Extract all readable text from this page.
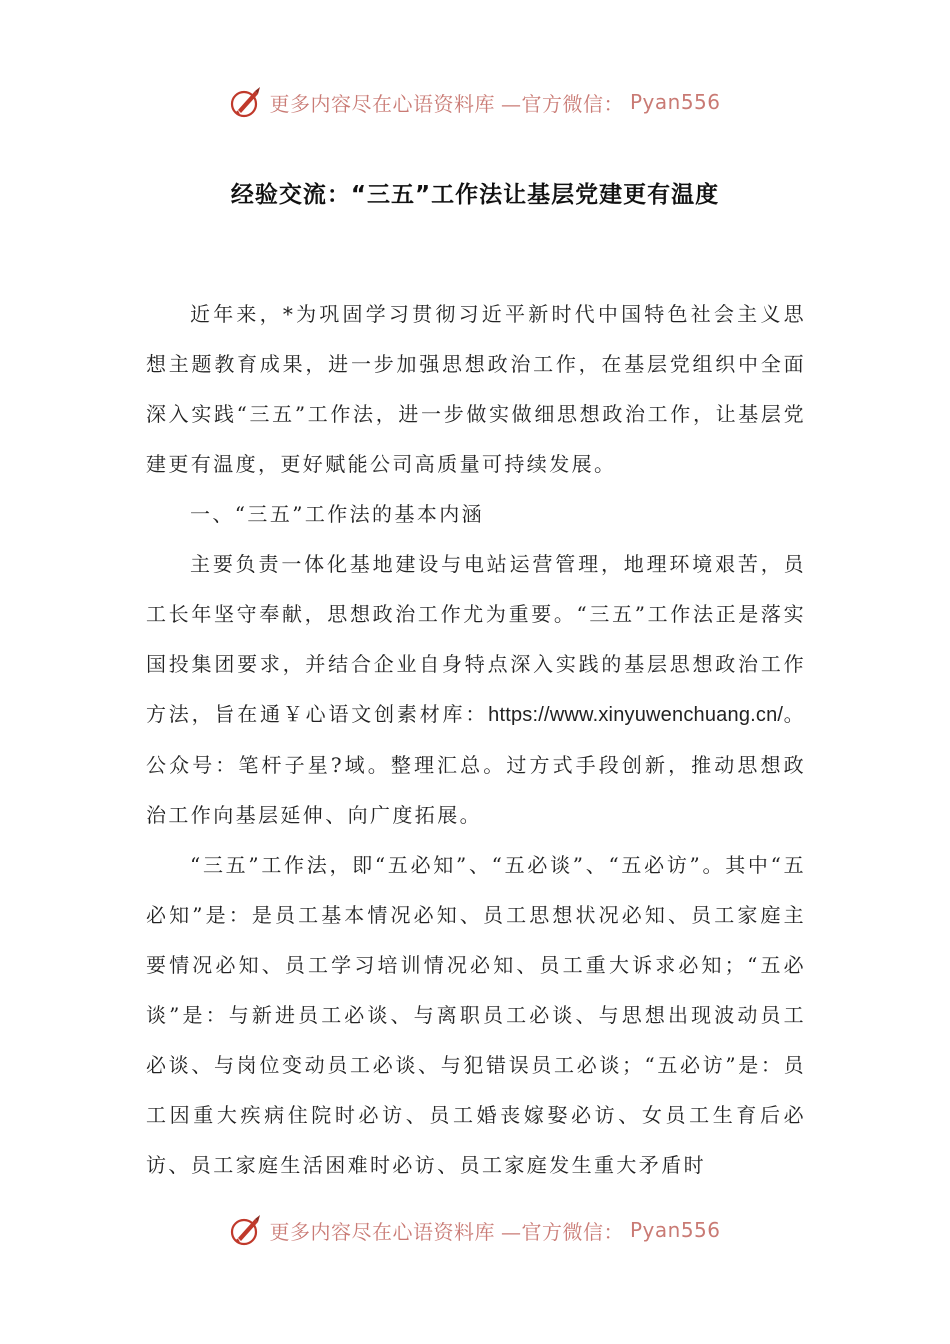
更多内容尽在心语资料库 —官方微信： Pyan556
经验交流：“三五”工作法让基层党建更有温度

近年来，*为巩固学习贯彻习近平新时代中国特色社会主义思想主题教育成果，进一步加强思想政治工作，在基层党组织中全面深入实践“三五”工作法，进一步做实做细思想政治工作，让基层党建更有温度，更好赋能公司高质量可持续发展。

一、“三五”工作法的基本内涵

主要负责一体化基地建设与电站运营管理，地理环境艰苦，员工长年坚守奉献，思想政治工作尤为重要。“三五”工作法正是落实国投集团要求，并结合企业自身特点深入实践的基层思想政治工作方法，旨在通￥心语文创素材库：https://www.xinyuwenchuang.cn/。公众号：笔杆子星?域。整理汇总。过方式手段创新，推动思想政治工作向基层延伸、向广度拓展。

“三五”工作法，即“五必知”、“五必谈”、“五必访”。其中“五必知”是：是员工基本情况必知、员工思想状况必知、员工家庭主要情况必知、员工学习培训情况必知、员工重大诉求必知；“五必谈”是：与新进员工必谈、与离职员工必谈、与思想出现波动员工必谈、与岗位变动员工必谈、与犯错误员工必谈；“五必访”是：员工因重大疾病住院时必访、员工婚丧嫁娶必访、女员工生育后必访、员工家庭生活困难时必访、员工家庭发生重大矛盾时

更多内容尽在心语资料库 —官方微信： Pyan556
